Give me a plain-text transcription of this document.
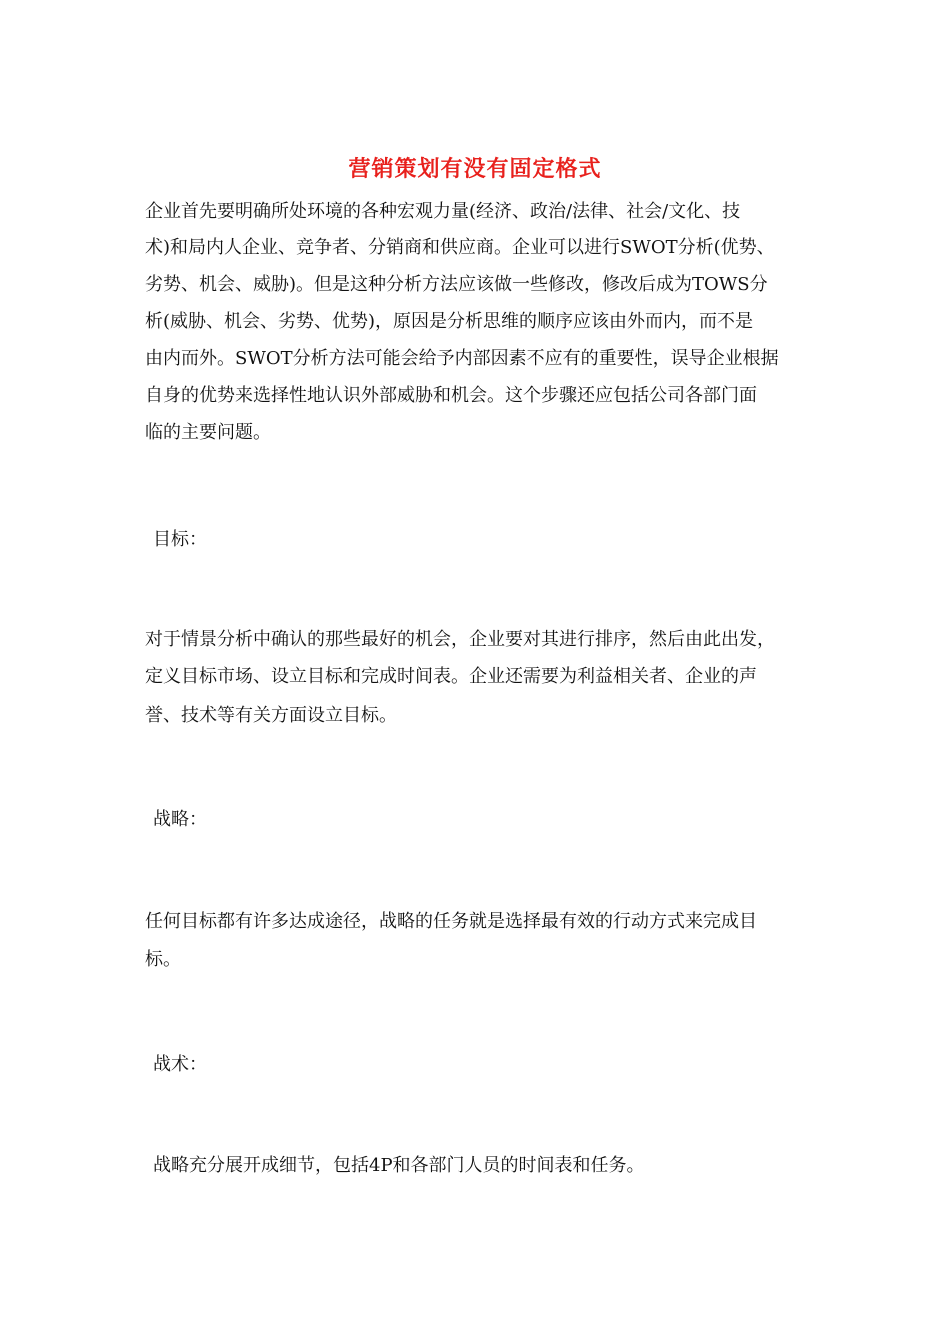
营销策划有没有固定格式
企业首先要明确所处环境的各种宏观力量(经济、政治/法律、社会/文化、技
术)和局内人企业、竞争者、分销商和供应商。企业可以进行SWOT分析(优势、
劣势、机会、威胁)。但是这种分析方法应该做一些修改，修改后成为TOWS分
析(威胁、机会、劣势、优势)，原因是分析思维的顺序应该由外而内，而不是
由内而外。SWOT分析方法可能会给予内部因素不应有的重要性，误导企业根据
自身的优势来选择性地认识外部威胁和机会。这个步骤还应包括公司各部门面
临的主要问题。
目标：
对于情景分析中确认的那些最好的机会，企业要对其进行排序，然后由此出发，
定义目标市场、设立目标和完成时间表。企业还需要为利益相关者、企业的声
誉、技术等有关方面设立目标。
战略：
任何目标都有许多达成途径，战略的任务就是选择最有效的行动方式来完成目
标。
战术：
战略充分展开成细节，包括4P和各部门人员的时间表和任务。
